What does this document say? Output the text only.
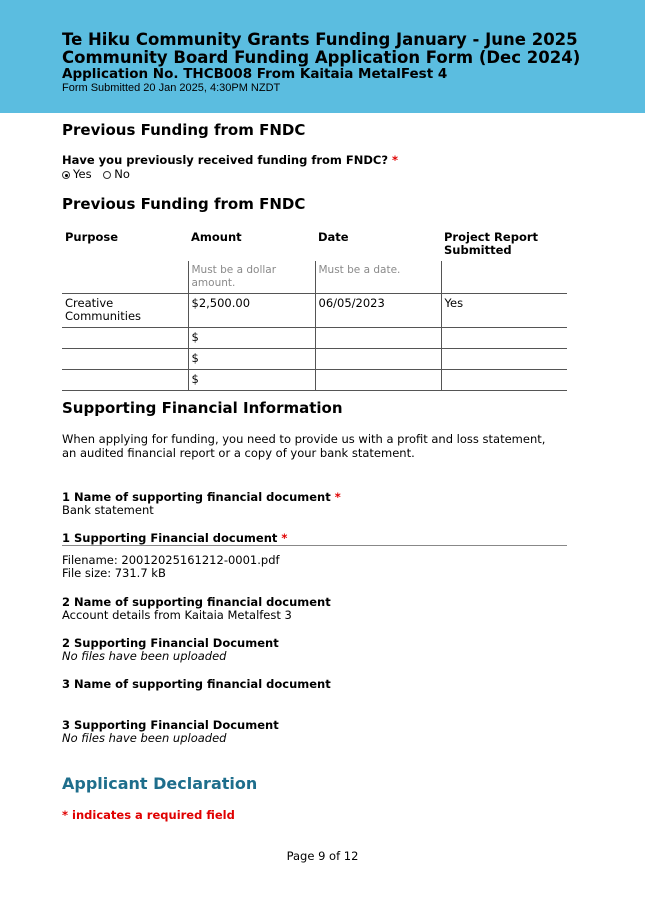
Te Hiku Community Grants Funding January - June 2025
Community Board Funding Application Form (Dec 2024)
Application No. THCB008 From Kaitaia MetalFest 4
Form Submitted 20 Jan 2025, 4:30PM NZDT
Previous Funding from FNDC
Have you previously received funding from FNDC? *
Yes No
Previous Funding from FNDC
Purpose	Amount	Date	Project Report Submitted
	Must be a dollar amount.	Must be a date.	
Creative Communities	$2,500.00	06/05/2023	Yes
	$		
	$		
	$		
Supporting Financial Information
When applying for funding, you need to provide us with a profit and loss statement, an audited financial report or a copy of your bank statement.
1 Name of supporting financial document *
Bank statement
1 Supporting Financial document *
Filename: 20012025161212-0001.pdf
File size: 731.7 kB
2 Name of supporting financial document
Account details from Kaitaia Metalfest 3
2 Supporting Financial Document
No files have been uploaded
3 Name of supporting financial document
3 Supporting Financial Document
No files have been uploaded
Applicant Declaration
* indicates a required field
Page 9 of 12
